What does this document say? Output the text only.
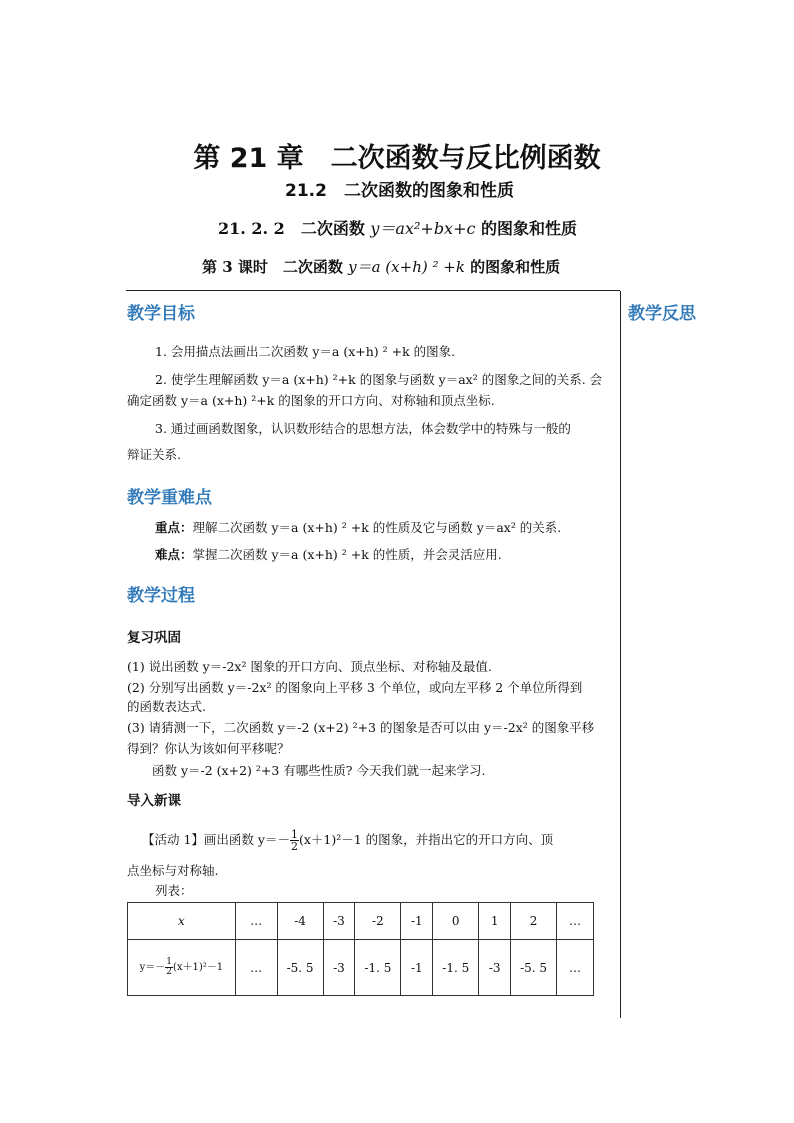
第 21 章　二次函数与反比例函数
21.2　二次函数的图象和性质
21. 2. 2　二次函数 y＝ax²+bx+c 的图象和性质
第 3 课时　二次函数 y＝a (x+h) ² +k 的图象和性质
教学反思
教学目标
1. 会用描点法画出二次函数 y＝a (x+h) ² +k 的图象.
2. 使学生理解函数 y＝a (x+h) ²+k 的图象与函数 y＝ax² 的图象之间的关系. 会
确定函数 y＝a (x+h) ²+k 的图象的开口方向、对称轴和顶点坐标.
3. 通过画函数图象，认识数形结合的思想方法，体会数学中的特殊与一般的
辩证关系.
教学重难点
重点：理解二次函数 y＝a (x+h) ² +k 的性质及它与函数 y＝ax² 的关系.
难点：掌握二次函数 y＝a (x+h) ² +k 的性质，并会灵活应用.
教学过程
复习巩固
(1) 说出函数 y＝-2x² 图象的开口方向、顶点坐标、对称轴及最值.
(2) 分别写出函数 y＝-2x² 的图象向上平移 3 个单位，或向左平移 2 个单位所得到
的函数表达式.
(3) 请猜测一下，二次函数 y＝-2 (x+2) ²+3 的图象是否可以由 y＝-2x² 的图象平移
得到？你认为该如何平移呢？
　　函数 y＝-2 (x+2) ²+3 有哪些性质? 今天我们就一起来学习.
导入新课
【活动 1】画出函数 $y=- \frac{1}{2} (x+1)^2-1$ 的图象，并指出它的开口方向、顶
点坐标与对称轴.
列表：
x	…	-4	-3	-2	-1	0	1	2	…
$y=- \frac{1}{2} (x+1)^2-1$	…	-5. 5	-3	-1. 5	-1	-1. 5	-3	-5. 5	…
